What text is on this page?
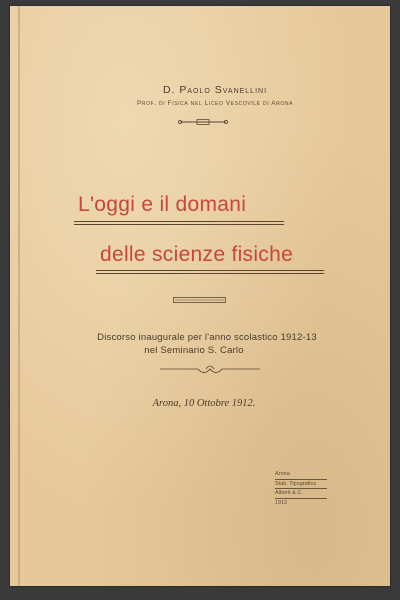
D. Paolo Svanellini
Prof. di Fisica nel Liceo Vescovile di Arona
L'oggi e il domani
delle scienze fisiche
Discorso inaugurale per l'anno scolastico 1912-13
nel Seminario S. Carlo
Arona, 10 Ottobre 1912.
Arona
Stab. Tipografico
Alberti & C.
1912
